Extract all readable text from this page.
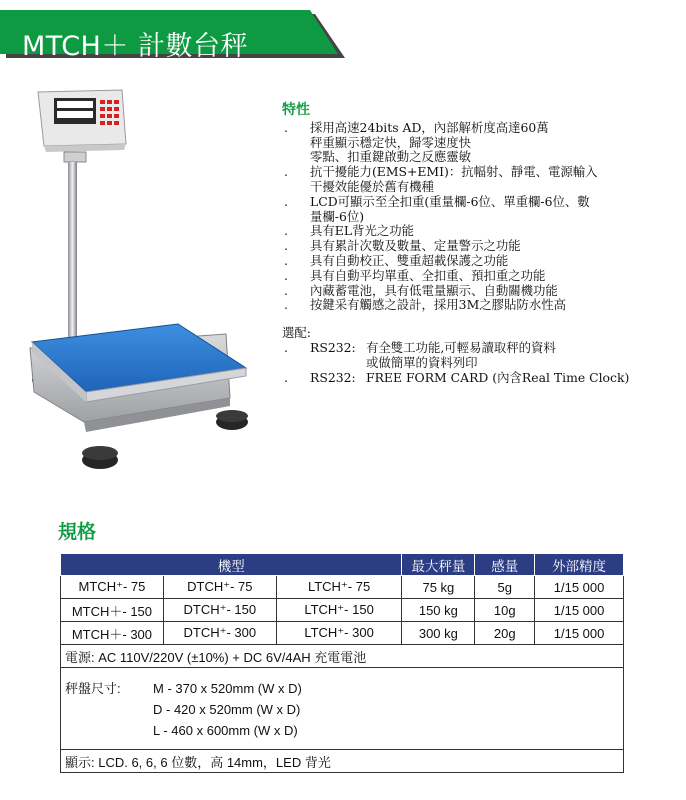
MTCH＋ 計數台秤
特性
.	採用高速24bits AD，內部解析度高達60萬
秤重顯示穩定快，歸零速度快
零點、扣重鍵啟動之反應靈敏
.	抗干擾能力(EMS+EMI)：抗幅射、靜電、電源輸入
干擾效能優於舊有機種
.	LCD可顯示至全扣重(重量欄-6位、單重欄-6位、數
量欄-6位)
.	具有EL背光之功能
.	具有累計次數及數量、定量警示之功能
.	具有自動校正、雙重超載保護之功能
.	具有自動平均單重、全扣重、預扣重之功能
.	內藏蓄電池，具有低電量顯示、自動關機功能
.	按鍵采有觸感之設計，採用3M之膠貼防水性高
選配:
.	RS232: 有全雙工功能,可輕易讀取秤的資料
或做簡單的資料列印
.	RS232: FREE FORM CARD (內含Real Time Clock)
規格
機型			最大秤量	感量	外部精度
MTCH⁺- 75	DTCH⁺- 75	LTCH⁺- 75	75 kg	5g	1/15 000
MTCH＋- 150	DTCH⁺- 150	LTCH⁺- 150	150 kg	10g	1/15 000
MTCH＋- 300	DTCH⁺- 300	LTCH⁺- 300	300 kg	20g	1/15 000
電源: AC 110V/220V (±10%) + DC 6V/4AH 充電電池					

秤盤尺寸: M - 370 x 520mm (W x D)
D - 420 x 520mm (W x D)
L - 460 x 600mm (W x D)					

顯示: LCD. 6, 6, 6 位數，高 14mm，LED 背光					
